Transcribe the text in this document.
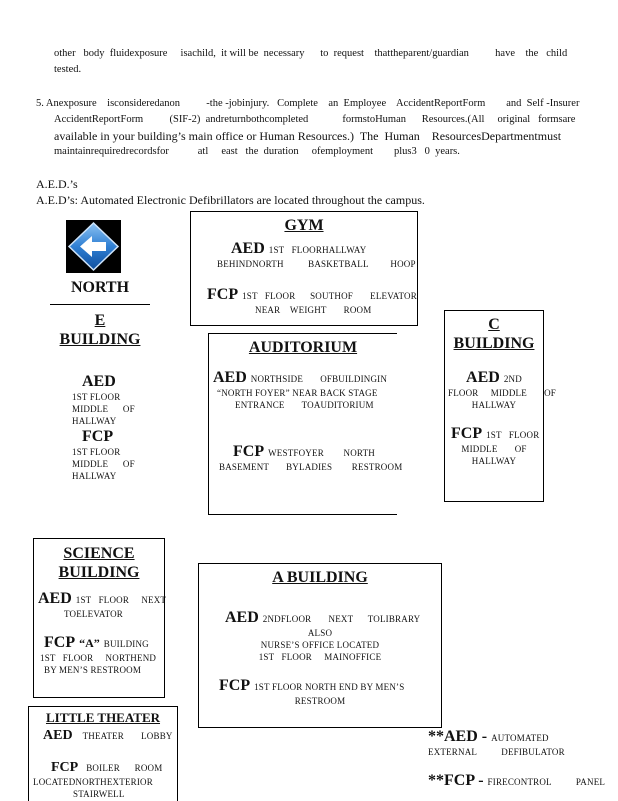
other   body  fluidexposure     isachild,  it will be  necessary      to  request    thattheparent/guardian          have    the   child
tested.
5. Anexposure    isconsideredanon          -the -jobinjury.   Complete    an  Employee    AccidentReportForm        and  Self -Insurer
AccidentReportForm          (SIF-2)  andreturnbothcompleted             formstoHuman      Resources.(All     original   formsare
available in your building’s main office or Human Resources.)  The  Human    ResourcesDepartmentmust
maintainrequiredrecordsfor           atl     east   the  duration     ofemployment        plus3   0  years.
A.E.D.’s
A.E.D’s: Automated Electronic Defibrillators are located throughout the campus.
NORTH
E
BUILDING
AED
1ST FLOOR
MIDDLE      OF
HALLWAY
FCP
1ST FLOOR
MIDDLE      OF
HALLWAY
GYM
AED 1ST   FLOORHALLWAY
BEHINDNORTH          BASKETBALL         HOOP
FCP 1ST   FLOOR      SOUTHOF       ELEVATOR
NEAR    WEIGHT       ROOM
AUDITORIUM
AED NORTHSIDE       OFBUILDINGIN
“NORTH FOYER” NEAR BACK STAGE
ENTRANCE       TOAUDITORIUM
FCP WESTFOYER        NORTH
BASEMENT       BYLADIES        RESTROOM
C
BUILDING
AED 2ND
FLOOR     MIDDLE       OF
HALLWAY
FCP 1ST   FLOOR
MIDDLE       OF
HALLWAY
SCIENCE
BUILDING
AED 1ST   FLOOR     NEXT
TOELEVATOR
FCP “A” BUILDING
1ST   FLOOR     NORTHEND
BY MEN’S RESTROOM
A BUILDING
AED 2NDFLOOR       NEXT      TOLIBRARY
ALSO
NURSE’S OFFICE LOCATED
1ST   FLOOR     MAINOFFICE
FCP 1ST FLOOR NORTH END BY MEN’S
RESTROOM
LITTLE THEATER
AED THEATER       LOBBY
FCP BOILER      ROOM
LOCATEDNORTHEXTERIOR
STAIRWELL
**AED - AUTOMATED
EXTERNAL          DEFIBULATOR
**FCP - FIRECONTROL          PANEL
